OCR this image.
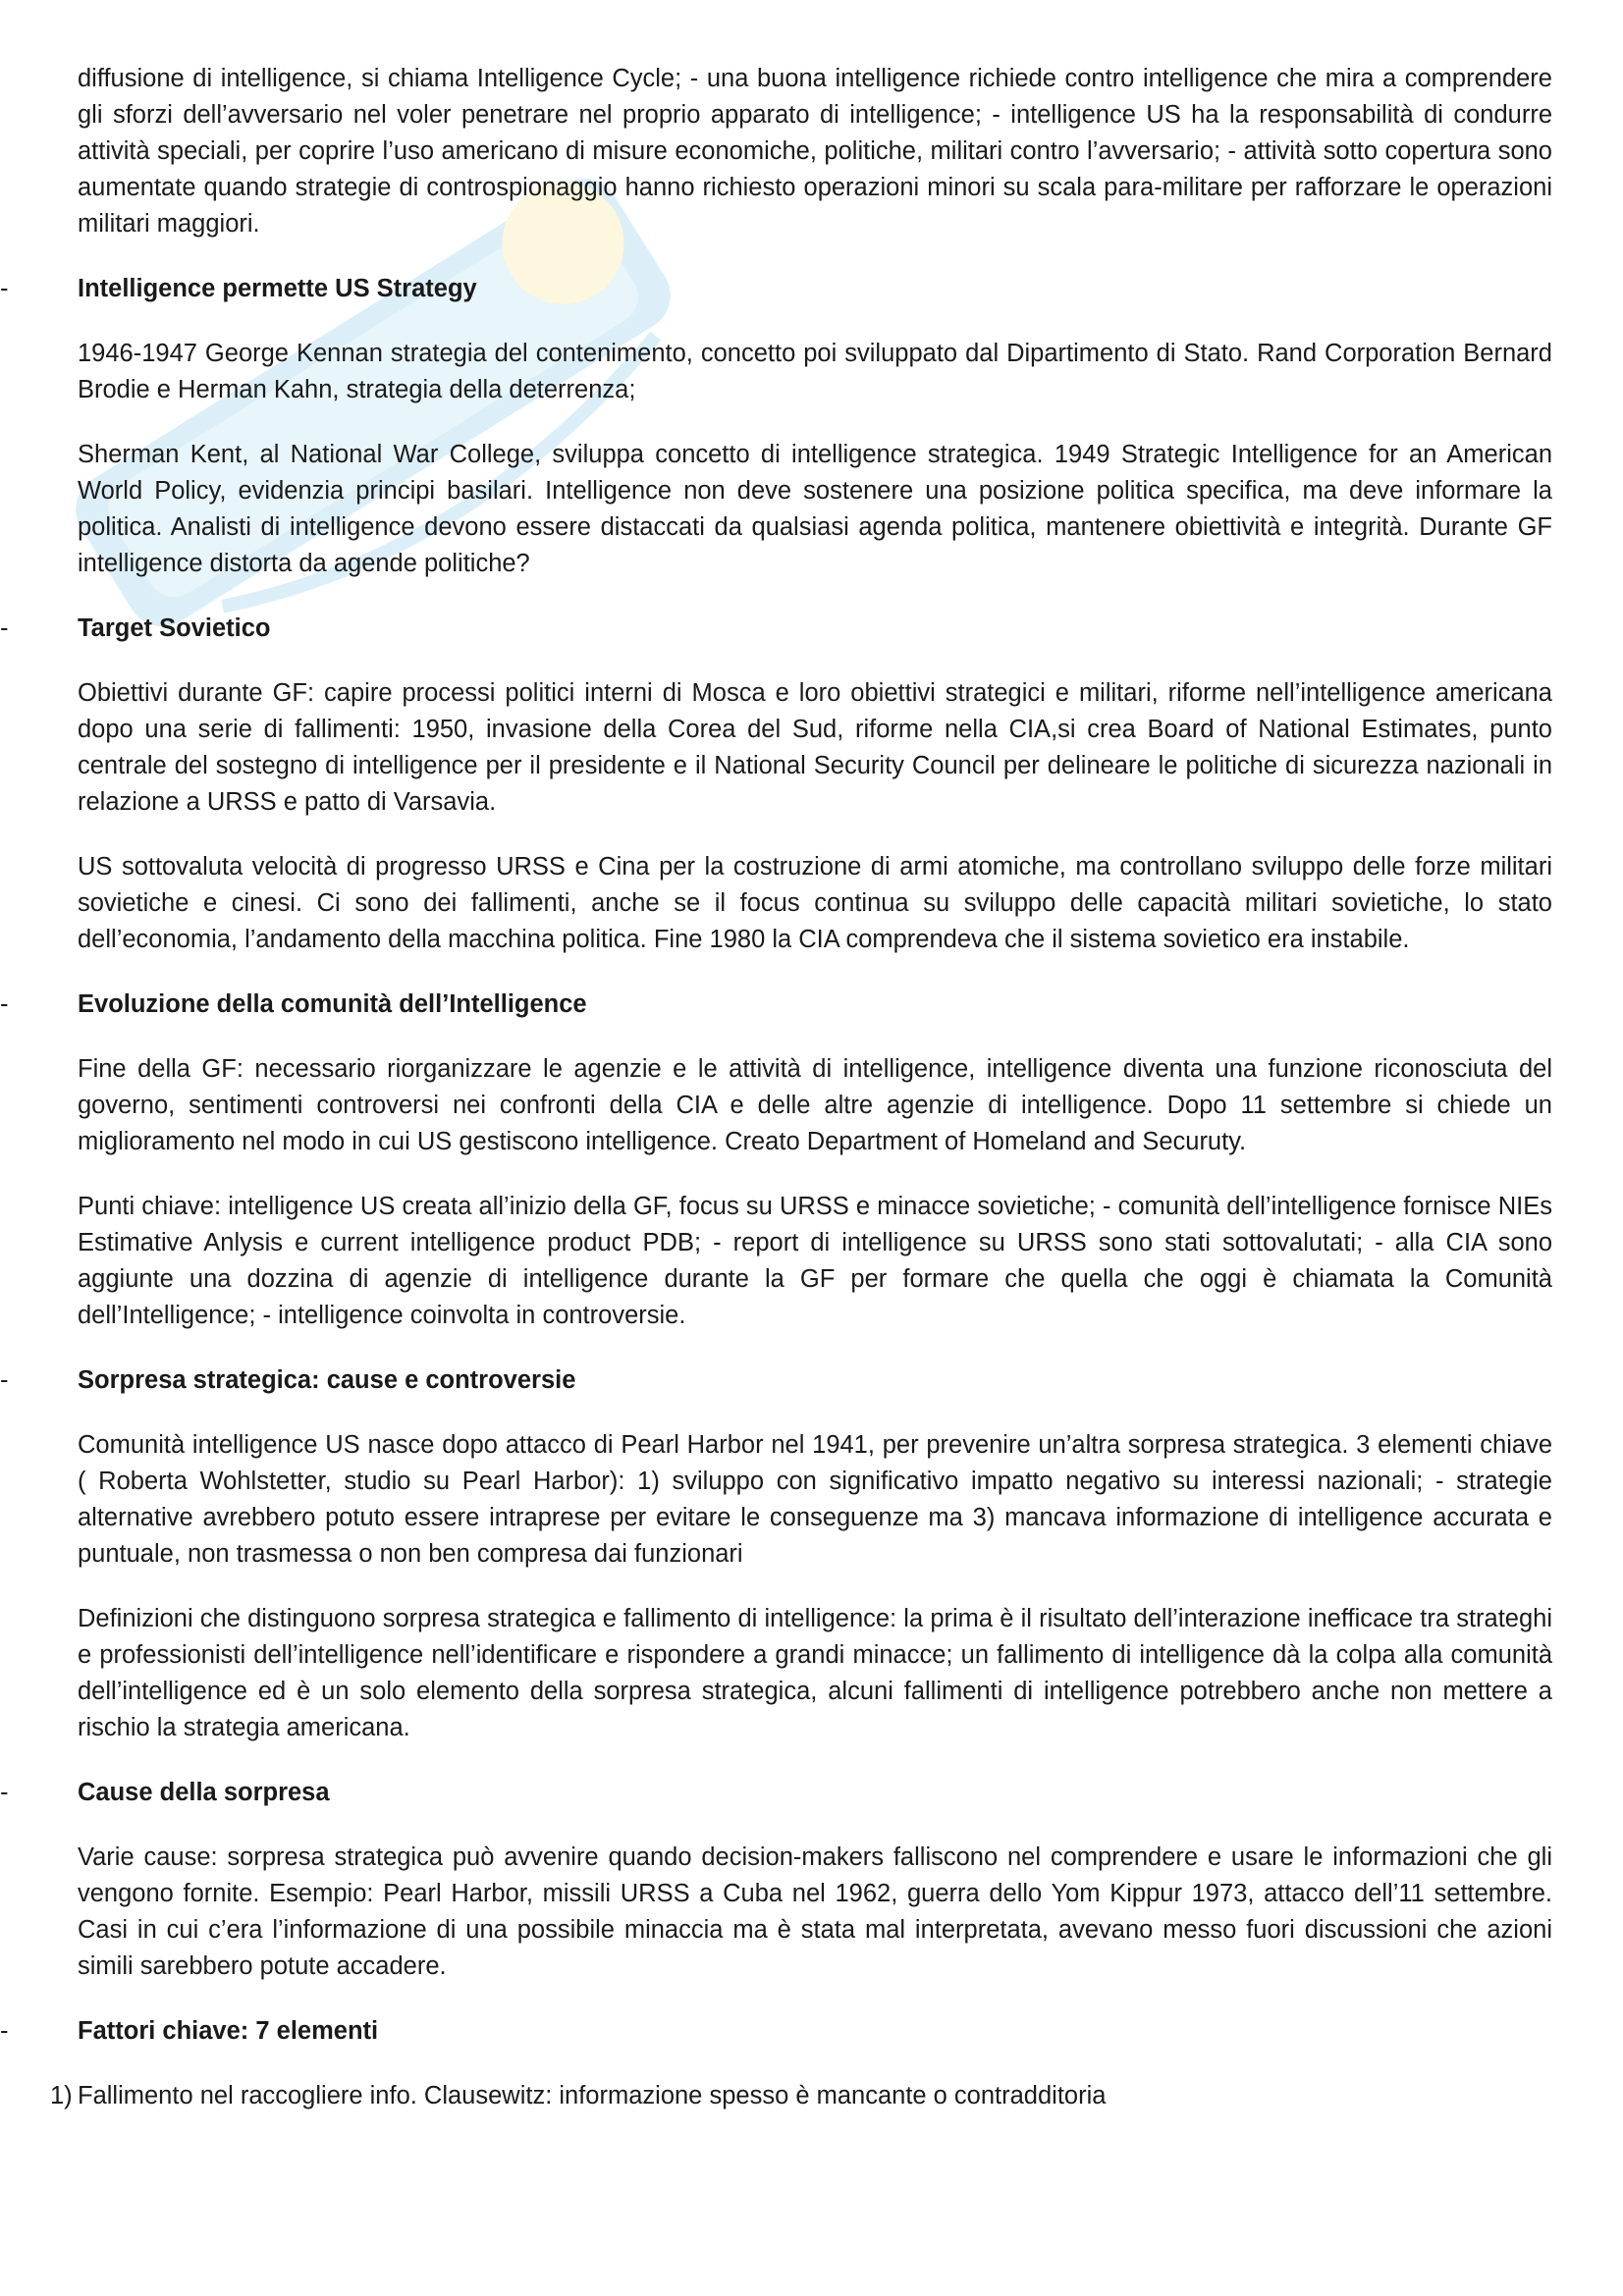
diffusione di intelligence, si chiama Intelligence Cycle; - una buona intelligence richiede contro intelligence che mira a comprendere gli sforzi dell’avversario nel voler penetrare nel proprio apparato di intelligence; - intelligence US ha la responsabilità di condurre attività speciali, per coprire l’uso americano di misure economiche, politiche, militari contro l’avversario; - attività sotto copertura sono aumentate quando strategie di controspionaggio hanno richiesto operazioni minori su scala para-militare per rafforzare le operazioni militari maggiori.

-	Intelligence permette US Strategy

1946-1947 George Kennan strategia del contenimento, concetto poi sviluppato dal Dipartimento di Stato. Rand Corporation Bernard Brodie e Herman Kahn, strategia della deterrenza;

Sherman Kent, al National War College, sviluppa concetto di intelligence strategica. 1949 Strategic Intelligence for an American World Policy, evidenzia principi basilari. Intelligence non deve sostenere una posizione politica specifica, ma deve informare la politica. Analisti di intelligence devono essere distaccati da qualsiasi agenda politica, mantenere obiettività e integrità. Durante GF intelligence distorta da agende politiche?

-	Target Sovietico

Obiettivi durante GF: capire processi politici interni di Mosca e loro obiettivi strategici e militari, riforme nell’intelligence americana dopo una serie di fallimenti: 1950, invasione della Corea del Sud, riforme nella CIA,si crea Board of National Estimates, punto centrale del sostegno di intelligence per il presidente e il National Security Council per delineare le politiche di sicurezza nazionali in relazione a URSS e patto di Varsavia.

US sottovaluta velocità di progresso URSS e Cina per la costruzione di armi atomiche, ma controllano sviluppo delle forze militari sovietiche e cinesi. Ci sono dei fallimenti, anche se il focus continua su sviluppo delle capacità militari sovietiche, lo stato dell’economia, l’andamento della macchina politica. Fine 1980 la CIA comprendeva che il sistema sovietico era instabile.

-	Evoluzione della comunità dell’Intelligence

Fine della GF: necessario riorganizzare le agenzie e le attività di intelligence, intelligence diventa una funzione riconosciuta del governo, sentimenti controversi nei confronti della CIA e delle altre agenzie di intelligence. Dopo 11 settembre si chiede un miglioramento nel modo in cui US gestiscono intelligence. Creato Department of Homeland and Securuty.

Punti chiave: intelligence US creata all’inizio della GF, focus su URSS e minacce sovietiche; - comunità dell’intelligence fornisce NIEs Estimative Anlysis e current intelligence product PDB; - report di intelligence su URSS sono stati sottovalutati; - alla CIA sono aggiunte una dozzina di agenzie di intelligence durante la GF per formare che quella che oggi è chiamata la Comunità dell’Intelligence; - intelligence coinvolta in controversie.

-	Sorpresa strategica: cause e controversie

Comunità intelligence US nasce dopo attacco di Pearl Harbor nel 1941, per prevenire un’altra sorpresa strategica. 3 elementi chiave ( Roberta Wohlstetter, studio su Pearl Harbor): 1) sviluppo con significativo impatto negativo su interessi nazionali; - strategie alternative avrebbero potuto essere intraprese per evitare le conseguenze ma 3) mancava informazione di intelligence accurata e puntuale, non trasmessa o non ben compresa dai funzionari

Definizioni che distinguono sorpresa strategica e fallimento di intelligence: la prima è il risultato dell’interazione inefficace tra strateghi e professionisti dell’intelligence nell’identificare e rispondere a grandi minacce; un fallimento di intelligence dà la colpa alla comunità dell’intelligence ed è un solo elemento della sorpresa strategica, alcuni fallimenti di intelligence potrebbero anche non mettere a rischio la strategia americana.

-	Cause della sorpresa

Varie cause: sorpresa strategica può avvenire quando decision-makers falliscono nel comprendere e usare le informazioni che gli vengono fornite. Esempio: Pearl Harbor, missili URSS a Cuba nel 1962, guerra dello Yom Kippur 1973, attacco dell’11 settembre. Casi in cui c’era l’informazione di una possibile minaccia ma è stata mal interpretata, avevano messo fuori discussioni che azioni simili sarebbero potute accadere.

-	Fattori chiave: 7 elementi
1) Fallimento nel raccogliere info. Clausewitz: informazione spesso è mancante o contradditoria
